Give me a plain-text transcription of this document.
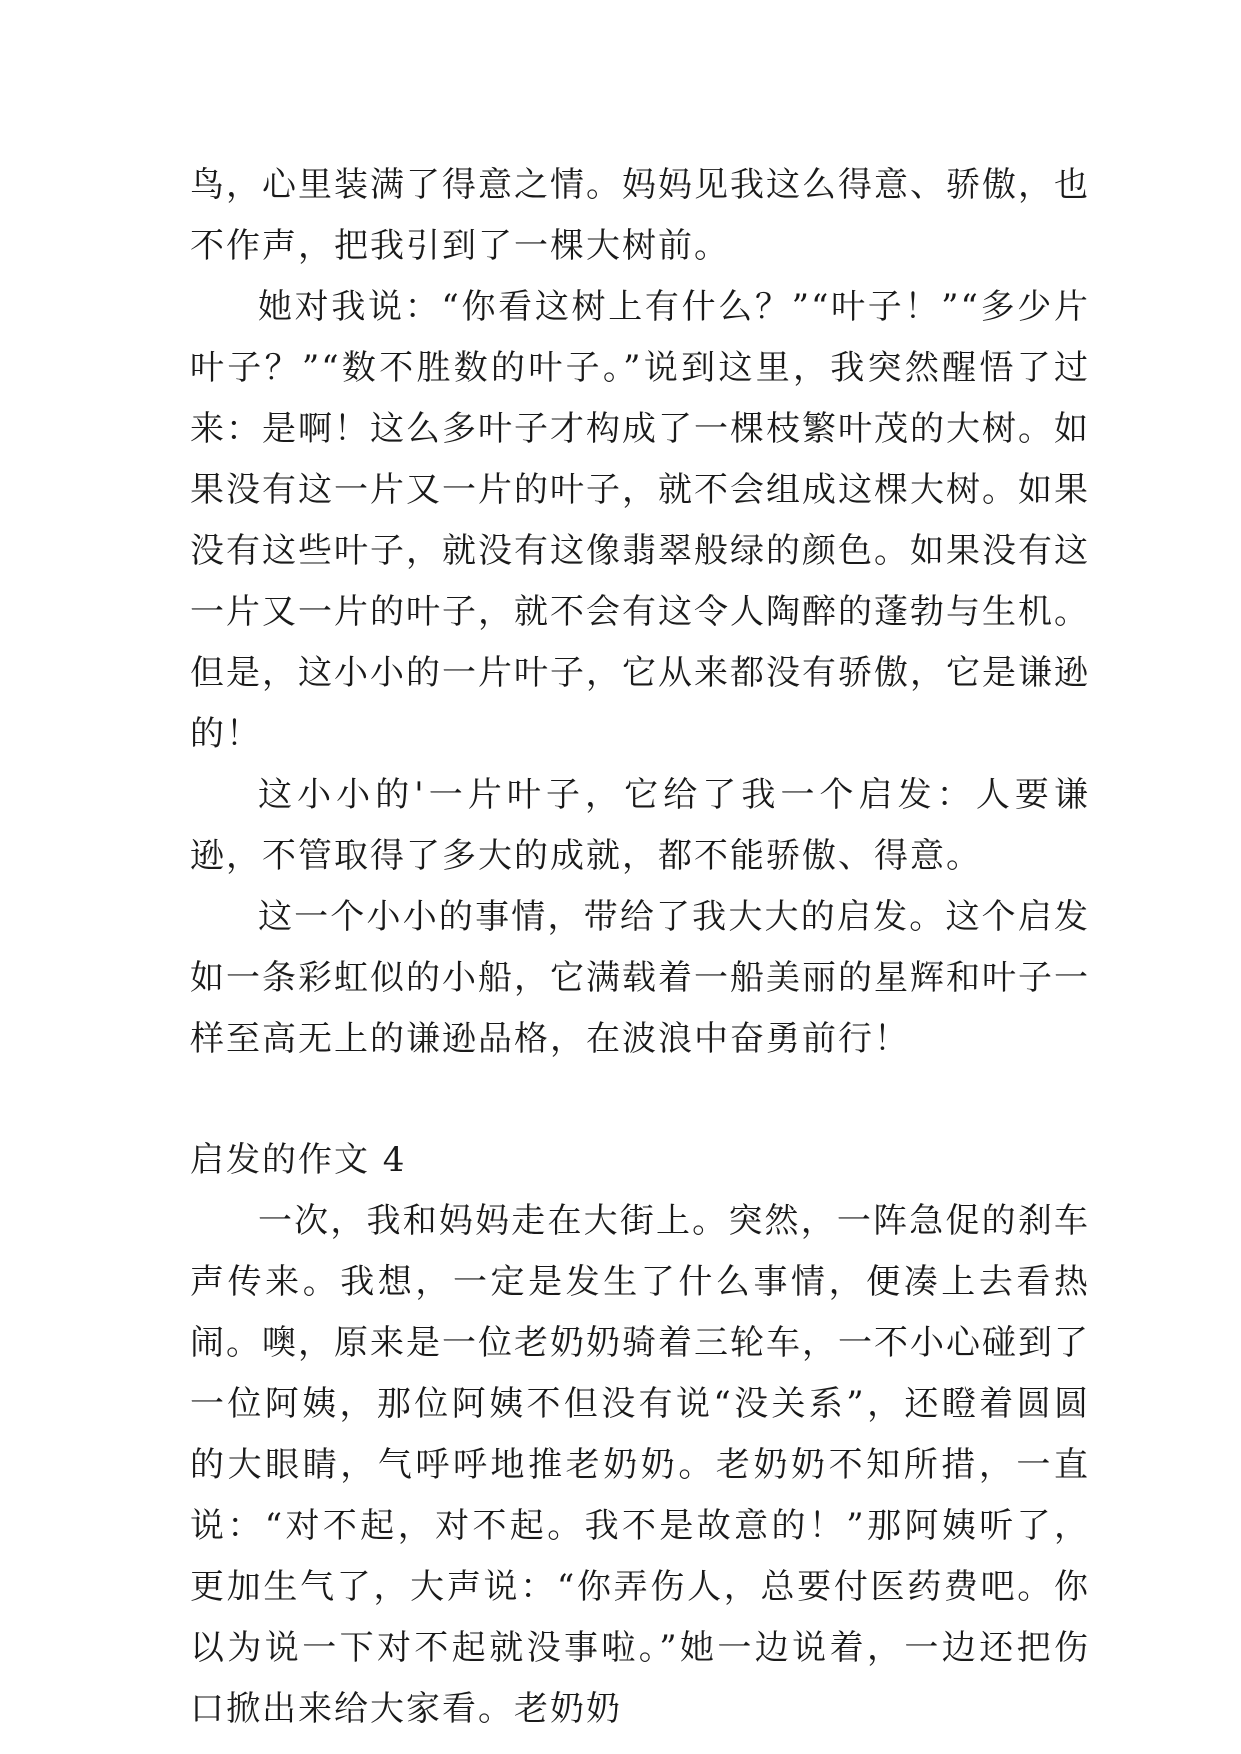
鸟，心里装满了得意之情。妈妈见我这么得意、骄傲，也不作声，把我引到了一棵大树前。

她对我说：“你看这树上有什么？”“叶子！”“多少片叶子？”“数不胜数的叶子。”说到这里，我突然醒悟了过来：是啊！这么多叶子才构成了一棵枝繁叶茂的大树。如果没有这一片又一片的叶子，就不会组成这棵大树。如果没有这些叶子，就没有这像翡翠般绿的颜色。如果没有这一片又一片的叶子，就不会有这令人陶醉的蓬勃与生机。但是，这小小的一片叶子，它从来都没有骄傲，它是谦逊的！

这小小的'一片叶子，它给了我一个启发：人要谦逊，不管取得了多大的成就，都不能骄傲、得意。

这一个小小的事情，带给了我大大的启发。这个启发如一条彩虹似的小船，它满载着一船美丽的星辉和叶子一样至高无上的谦逊品格，在波浪中奋勇前行！

启发的作文 4

一次，我和妈妈走在大街上。突然，一阵急促的刹车声传来。我想，一定是发生了什么事情，便凑上去看热闹。噢，原来是一位老奶奶骑着三轮车，一不小心碰到了一位阿姨，那位阿姨不但没有说“没关系”，还瞪着圆圆的大眼睛，气呼呼地推老奶奶。老奶奶不知所措，一直说：“对不起，对不起。我不是故意的！”那阿姨听了，更加生气了，大声说：“你弄伤人，总要付医药费吧。你以为说一下对不起就没事啦。”她一边说着，一边还把伤口掀出来给大家看。老奶奶
